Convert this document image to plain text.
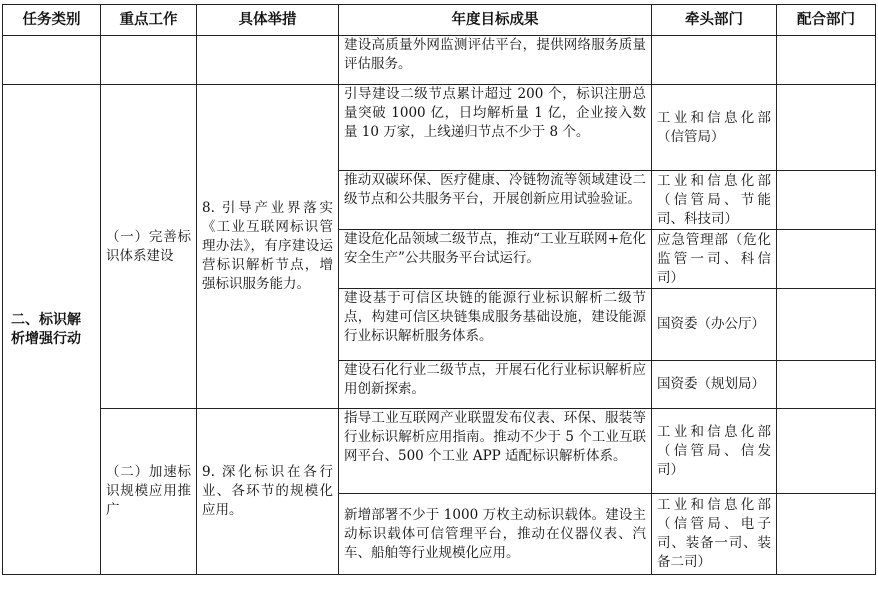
任务类别	重点工作	具体举措	年度目标成果	牵头部门	配合部门
			建设高质量外网监测评估平台，提供网络服务质量评估服务。		
二、标识解析增强行动	（一）完善标识体系建设	8. 引导产业界落实《工业互联网标识管理办法》，有序建设运营标识解析节点，增强标识服务能力。	引导建设二级节点累计超过 200 个，标识注册总量突破 1000 亿，日均解析量 1 亿，企业接入数量 10 万家，上线递归节点不少于 8 个。	工业和信息化部（信管局）	
			推动双碳环保、医疗健康、冷链物流等领域建设二级节点和公共服务平台，开展创新应用试验验证。	工业和信息化部（信管局、节能司、科技司）	
			建设危化品领域二级节点，推动“工业互联网+危化安全生产”公共服务平台试运行。	应急管理部（危化监管一司、科信司）	
			建设基于可信区块链的能源行业标识解析二级节点，构建可信区块链集成服务基础设施，建设能源行业标识解析服务体系。	国资委（办公厅）	
			建设石化行业二级节点，开展石化行业标识解析应用创新探索。	国资委（规划局）	
	（二）加速标识规模应用推广	9. 深化标识在各行业、各环节的规模化应用。	指导工业互联网产业联盟发布仪表、环保、服装等行业标识解析应用指南。推动不少于 5 个工业互联网平台、500 个工业 APP 适配标识解析体系。	工业和信息化部（信管局、信发司）	
			新增部署不少于 1000 万枚主动标识载体。建设主动标识载体可信管理平台，推动在仪器仪表、汽车、船舶等行业规模化应用。	工业和信息化部（信管局、电子司、装备一司、装备二司）	
